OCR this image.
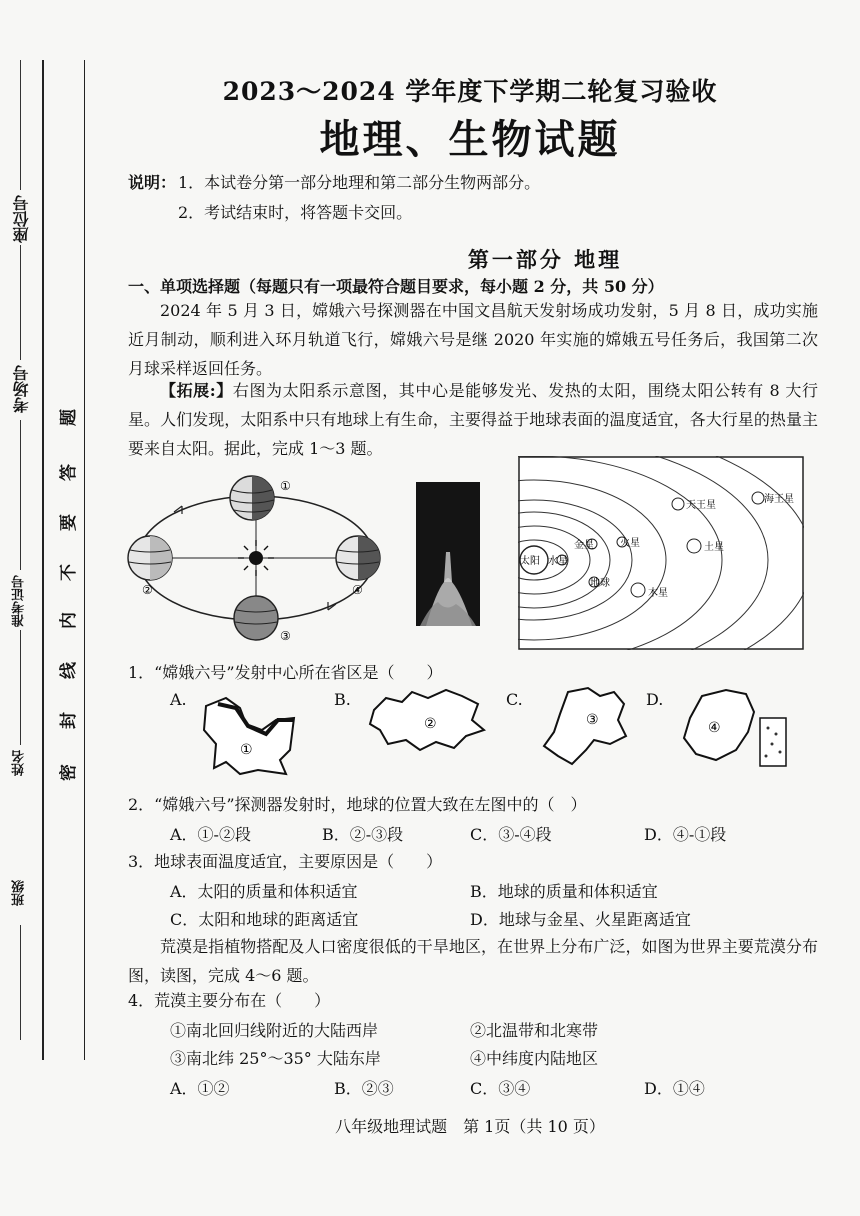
座位号
考场号
准考证号
姓名
班级
密
封
线
内
不
要
答
题
2023～2024 学年度下学期二轮复习验收
地理、生物试题
说明： 1．本试卷分第一部分地理和第二部分生物两部分。
2．考试结束时，将答题卡交回。
第一部分 地理
一、单项选择题（每题只有一项最符合题目要求，每小题 2 分，共 50 分）
2024 年 5 月 3 日，嫦娥六号探测器在中国文昌航天发射场成功发射，5 月 8 日，成功实施近月制动，顺利进入环月轨道飞行，嫦娥六号是继 2020 年实施的嫦娥五号任务后，我国第二次月球采样返回任务。
【拓展:】右图为太阳系示意图，其中心是能够发光、发热的太阳，围绕太阳公转有 8 大行星。人们发现，太阳系中只有地球上有生命，主要得益于地球表面的温度适宜，各大行星的热量主要来自太阳。据此，完成 1～3 题。
①
②
③
④
太阳 水星
金星
地球
火星
木星
土星
天王星
海王星
1．“嫦娥六号”发射中心所在省区是（　　）
A.	B.	C.	D.
①
②	③	④
2．“嫦娥六号”探测器发射时，地球的位置大致在左图中的（　）
A．①-②段	B．②-③段	C．③-④段	D．④-①段
3．地球表面温度适宜，主要原因是（　　）
A．太阳的质量和体积适宜	B．地球的质量和体积适宜
C．太阳和地球的距离适宜	D．地球与金星、火星距离适宜
荒漠是指植物搭配及人口密度很低的干旱地区，在世界上分布广泛，如图为世界主要荒漠分布图，读图，完成 4～6 题。
4．荒漠主要分布在（　　）
①南北回归线附近的大陆西岸	②北温带和北寒带
③南北纬 25°～35° 大陆东岸	④中纬度内陆地区
A．①②	B．②③	C．③④	D．①④
八年级地理试题　第 1页（共 10 页）
